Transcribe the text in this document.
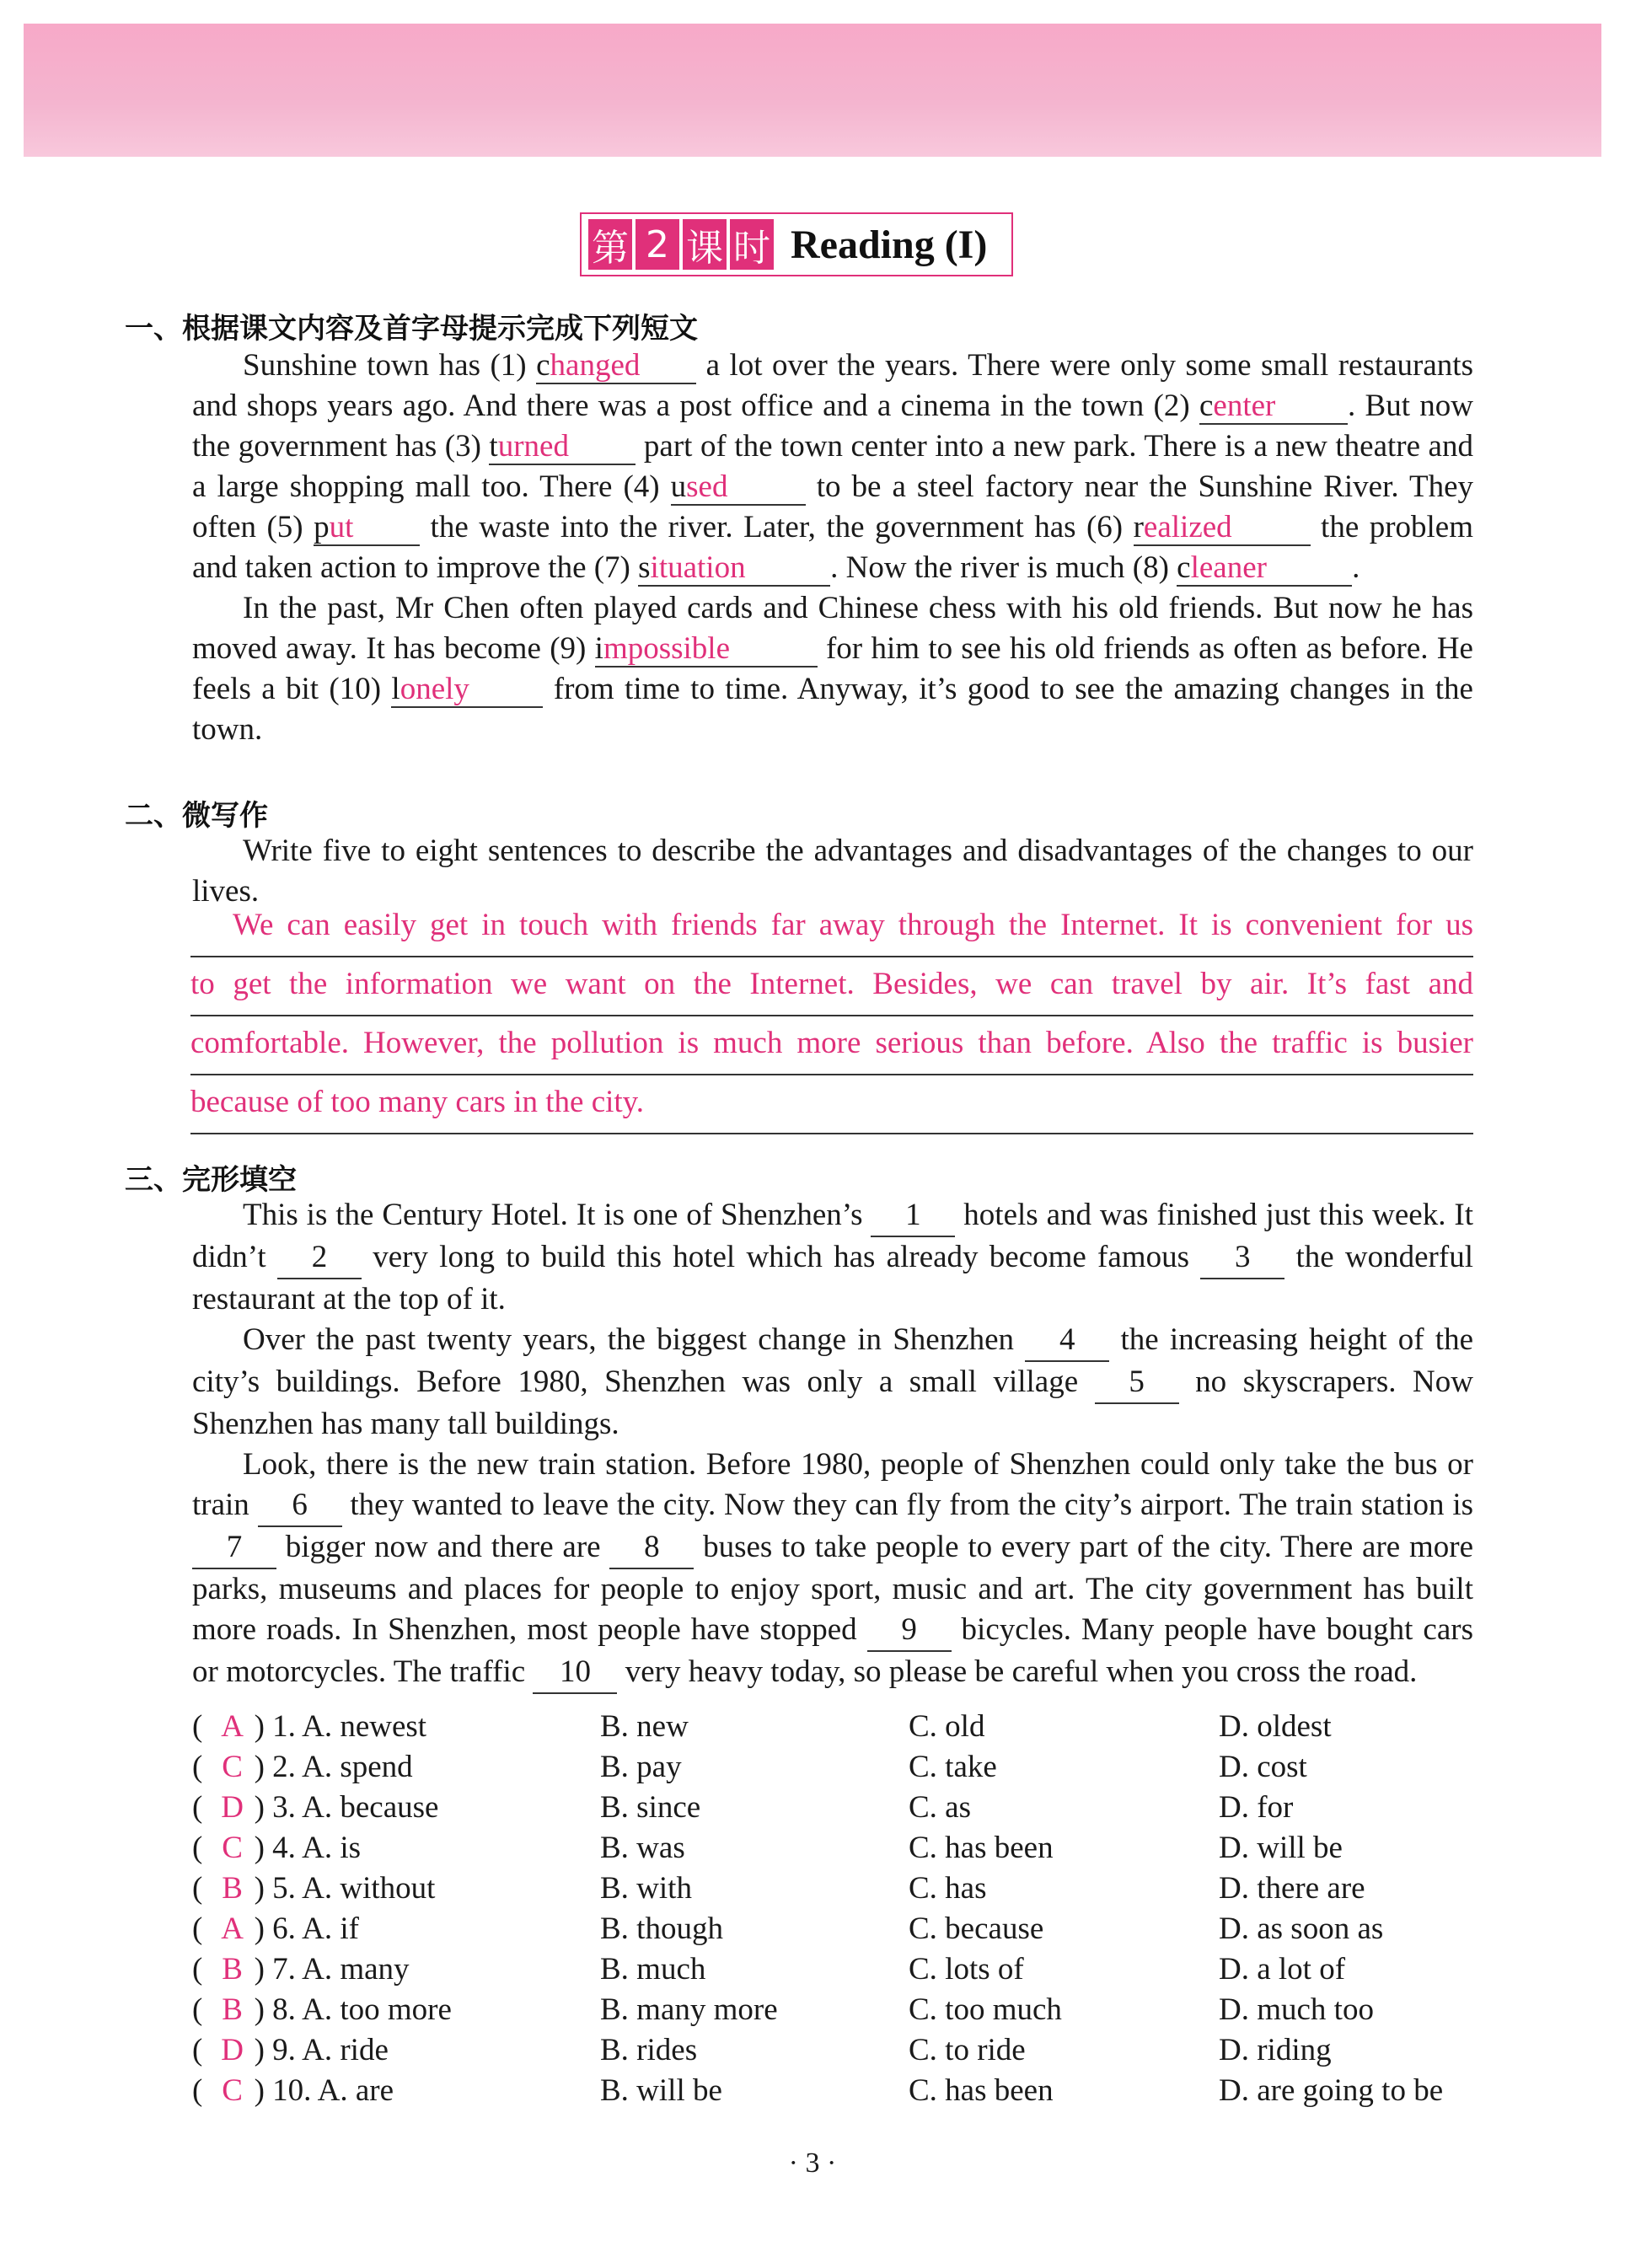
第 2 课 时 Reading (I)
一、根据课文内容及首字母提示完成下列短文

Sunshine town has (1) changed a lot over the years. There were only some small restaurants and shops years ago. And there was a post office and a cinema in the town (2) center . But now the government has (3) turned part of the town center into a new park. There is a new theatre and a large shopping mall too. There (4) used to be a steel factory near the Sunshine River. They often (5) put the waste into the river. Later, the government has (6) realized	the problem and taken action to improve the (7) situation	. Now the river is much (8) cleaner	.

In the past, Mr Chen often played cards and Chinese chess with his old friends. But now he has moved away. It has become (9) impossible	for him to see his old friends as often as before. He feels a bit (10) lonely from time to time. Anyway, it’s good to see the amazing changes in the town.

二、微写作

Write five to eight sentences to describe the advantages and disadvantages of the changes to our lives.

We can easily get in touch with friends far away through the Internet. It is convenient for us
to get the information we want on the Internet. Besides, we can travel by air. It’s fast and
comfortable. However, the pollution is much more serious than before. Also the traffic is busier
because of too many cars in the city.
三、完形填空

This is the Century Hotel. It is one of Shenzhen’s 1 hotels and was finished just this week. It didn’t 2 very long to build this hotel which has already become famous 3 the wonderful restaurant at the top of it.

Over the past twenty years, the biggest change in Shenzhen 4 the increasing height of the city’s buildings. Before 1980, Shenzhen was only a small village 5 no skyscrapers. Now Shenzhen has many tall buildings.

Look, there is the new train station. Before 1980, people of Shenzhen could only take the bus or train 6 they wanted to leave the city. Now they can fly from the city’s airport. The train station is 7 bigger now and there are 8 buses to take people to every part of the city. There are more parks, museums and places for people to enjoy sport, music and art. The city government has built more roads. In Shenzhen, most people have stopped 9 bicycles. Many people have bought cars or motorcycles. The traffic 10 very heavy today, so please be careful when you cross the road.

( A ) 1. A. newest	B. new	C. old	D. oldest
( C ) 2. A. spend	B. pay	C. take	D. cost
( D ) 3. A. because	B. since	C. as	D. for
( C ) 4. A. is	B. was	C. has been	D. will be
( B ) 5. A. without	B. with	C. has	D. there are
( A ) 6. A. if	B. though	C. because	D. as soon as
( B ) 7. A. many	B. much	C. lots of	D. a lot of
( B ) 8. A. too more	B. many more	C. too much	D. much too
( D ) 9. A. ride	B. rides	C. to ride	D. riding
( C ) 10. A. are	B. will be	C. has been	D. are going to be
· 3 ·
